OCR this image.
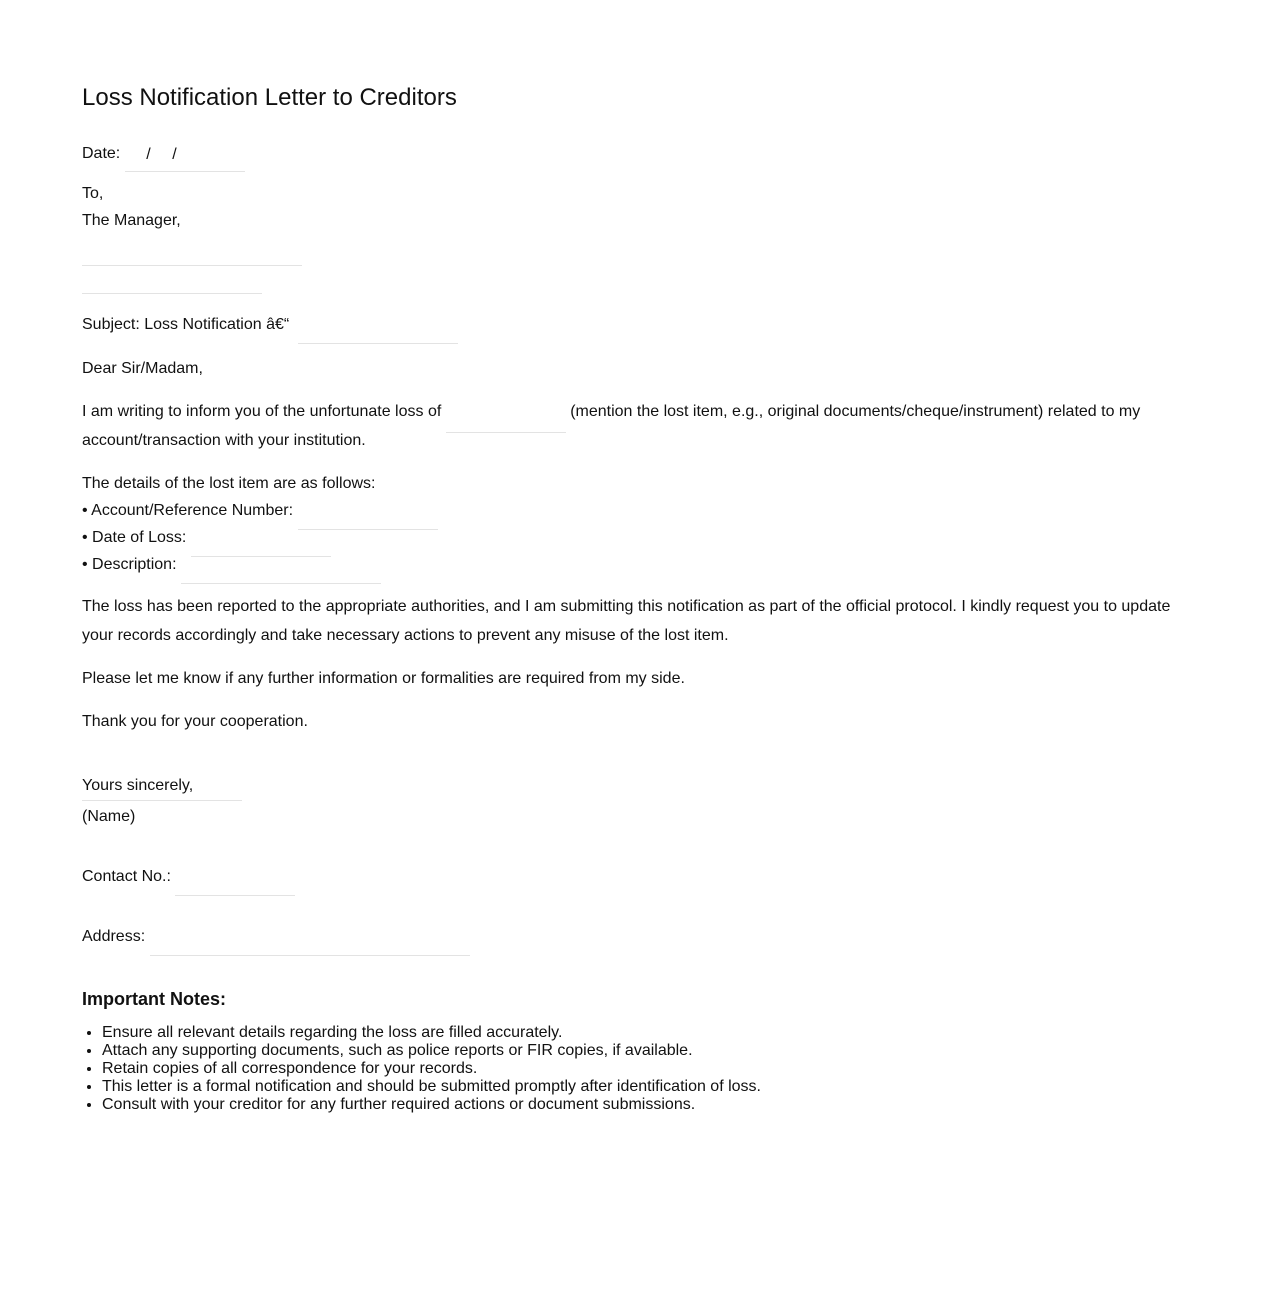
Loss Notification Letter to Creditors
Date: / /
To,
The Manager,
Subject: Loss Notification â€“
Dear Sir/Madam,
I am writing to inform you of the unfortunate loss of	(mention the lost item, e.g., original documents/cheque/instrument) related to my
account/transaction with your institution.
The details of the lost item are as follows:
• Account/Reference Number:
• Date of Loss:
• Description:
The loss has been reported to the appropriate authorities, and I am submitting this notification as part of the official protocol. I kindly request you to update
your records accordingly and take necessary actions to prevent any misuse of the lost item.
Please let me know if any further information or formalities are required from my side.
Thank you for your cooperation.
Yours sincerely,
(Name)
Contact No.:
Address:
Important Notes:
• Ensure all relevant details regarding the loss are filled accurately.
• Attach any supporting documents, such as police reports or FIR copies, if available.
• Retain copies of all correspondence for your records.
• This letter is a formal notification and should be submitted promptly after identification of loss.
• Consult with your creditor for any further required actions or document submissions.
